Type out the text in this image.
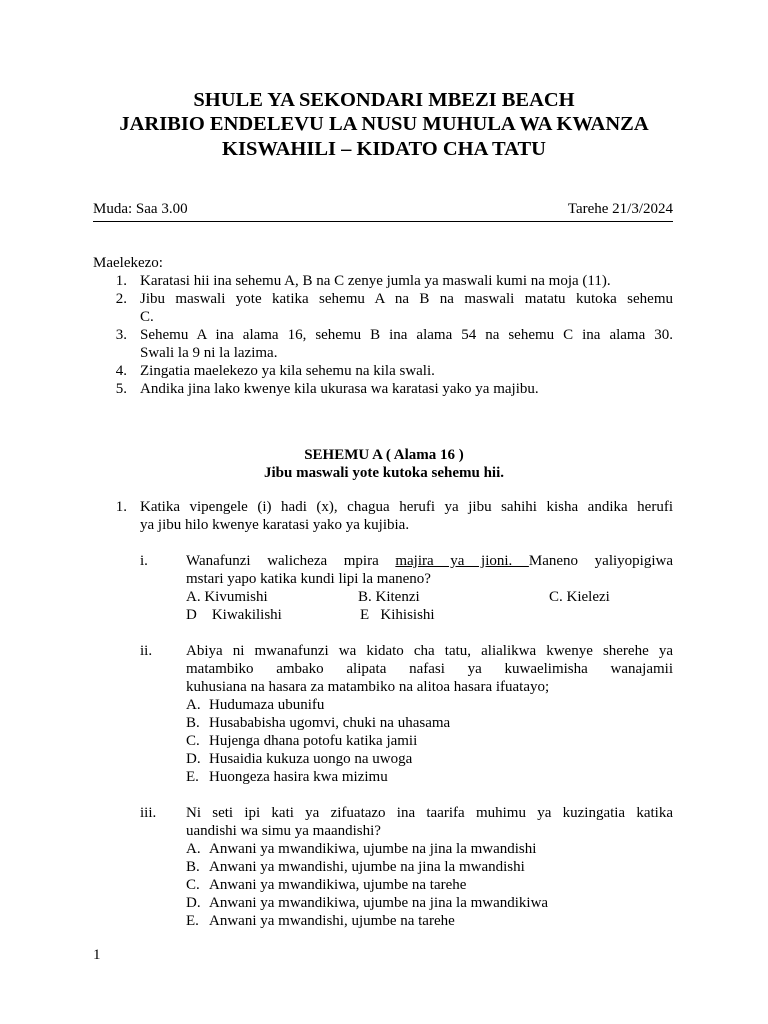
SHULE YA SEKONDARI MBEZI BEACH
JARIBIO ENDELEVU LA NUSU MUHULA WA KWANZA
KISWAHILI – KIDATO CHA TATU
Muda: Saa 3.00	Tarehe 21/3/2024
Maelekezo:
1. Karatasi hii ina sehemu A, B na C zenye jumla ya maswali kumi na moja (11).
2. Jibu maswali yote katika sehemu A na B na maswali matatu kutoka sehemu
C.
3. Sehemu A ina alama 16, sehemu B ina alama 54 na sehemu C ina alama 30.
Swali la 9 ni la lazima.
4. Zingatia maelekezo ya kila sehemu na kila swali.
5. Andika jina lako kwenye kila ukurasa wa karatasi yako ya majibu.
SEHEMU A ( Alama 16 )
Jibu maswali yote kutoka sehemu hii.
1. Katika vipengele (i) hadi (x), chagua herufi ya jibu sahihi kisha andika herufi
ya jibu hilo kwenye karatasi yako ya kujibia.
i.	Wanafunzi walicheza mpira majira ya jioni. Maneno yaliyopigiwa
mstari yapo katika kundi lipi la maneno?
A. Kivumishi	B. Kitenzi	C. Kielezi
D    Kiwakilishi	E   Kihisishi
ii. Abiya ni mwanafunzi wa kidato cha tatu, alialikwa kwenye sherehe ya
matambiko ambako alipata nafasi ya kuwaelimisha wanajamii
kuhusiana na hasara za matambiko na alitoa hasara ifuatayo;
A. Hudumaza ubunifu
B. Husababisha ugomvi, chuki na uhasama
C. Hujenga dhana potofu katika jamii
D. Husaidia kukuza uongo na uwoga
E. Huongeza hasira kwa mizimu
iii. Ni seti ipi kati ya zifuatazo ina taarifa muhimu ya kuzingatia katika
uandishi wa simu ya maandishi?
A. Anwani ya mwandikiwa, ujumbe na jina la mwandishi
B. Anwani ya mwandishi, ujumbe na jina la mwandishi
C. Anwani ya mwandikiwa, ujumbe na tarehe
D. Anwani ya mwandikiwa, ujumbe na jina la mwandikiwa
E. Anwani ya mwandishi, ujumbe na tarehe
1
